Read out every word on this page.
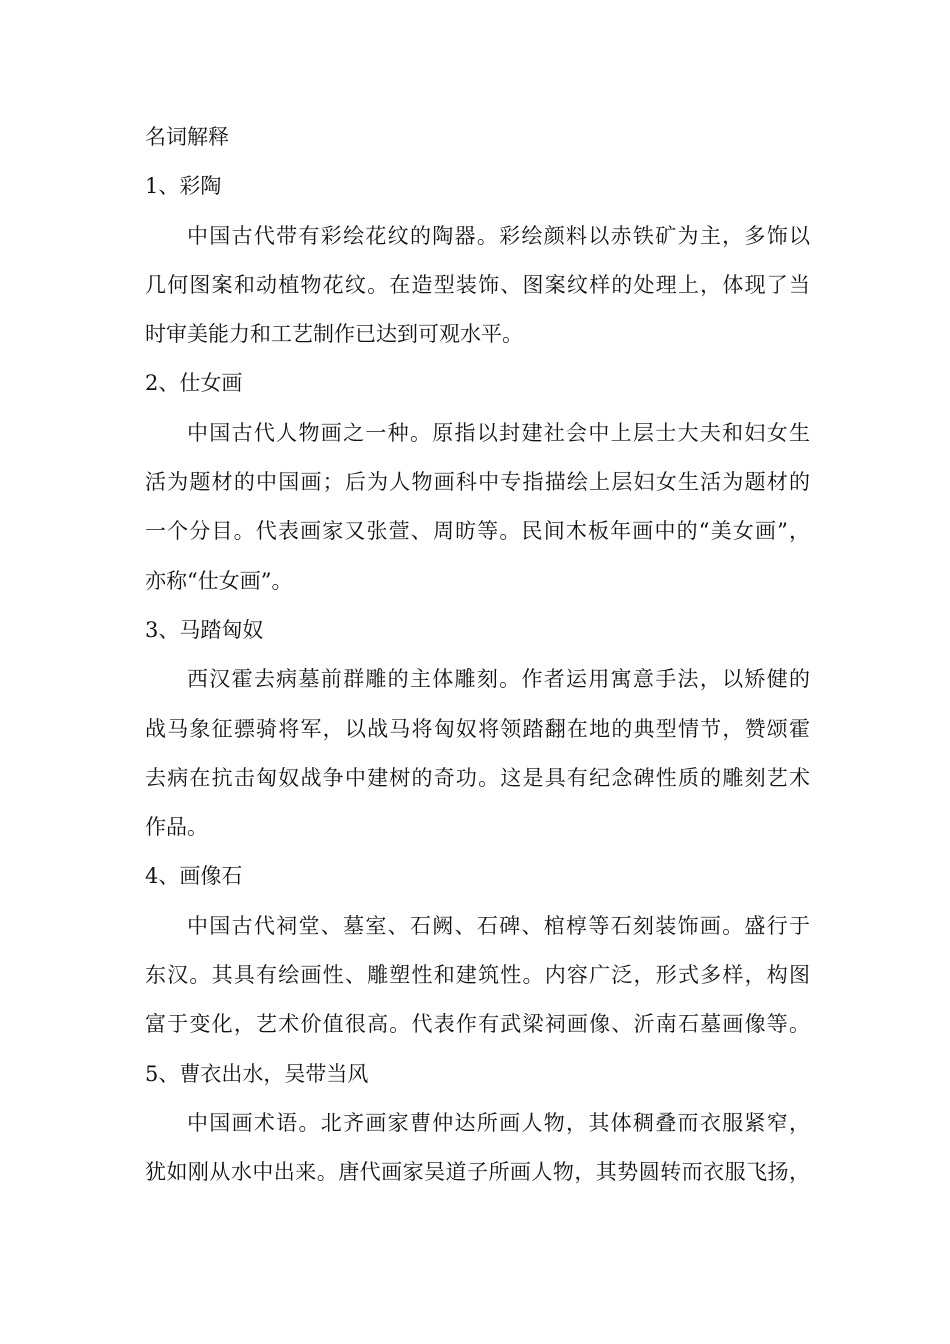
名词解释
1、彩陶
中国古代带有彩绘花纹的陶器。彩绘颜料以赤铁矿为主，多饰以
几何图案和动植物花纹。在造型装饰、图案纹样的处理上，体现了当
时审美能力和工艺制作已达到可观水平。
2、仕女画
中国古代人物画之一种。原指以封建社会中上层士大夫和妇女生
活为题材的中国画；后为人物画科中专指描绘上层妇女生活为题材的
一个分目。代表画家又张萱、周昉等。民间木板年画中的“美女画”，
亦称“仕女画”。
3、马踏匈奴
西汉霍去病墓前群雕的主体雕刻。作者运用寓意手法，以矫健的
战马象征骠骑将军，以战马将匈奴将领踏翻在地的典型情节，赞颂霍
去病在抗击匈奴战争中建树的奇功。这是具有纪念碑性质的雕刻艺术
作品。
4、画像石
中国古代祠堂、墓室、石阙、石碑、棺椁等石刻装饰画。盛行于
东汉。其具有绘画性、雕塑性和建筑性。内容广泛，形式多样，构图
富于变化，艺术价值很高。代表作有武梁祠画像、沂南石墓画像等。
5、曹衣出水，吴带当风
中国画术语。北齐画家曹仲达所画人物，其体稠叠而衣服紧窄，
犹如刚从水中出来。唐代画家吴道子所画人物，其势圆转而衣服飞扬，
